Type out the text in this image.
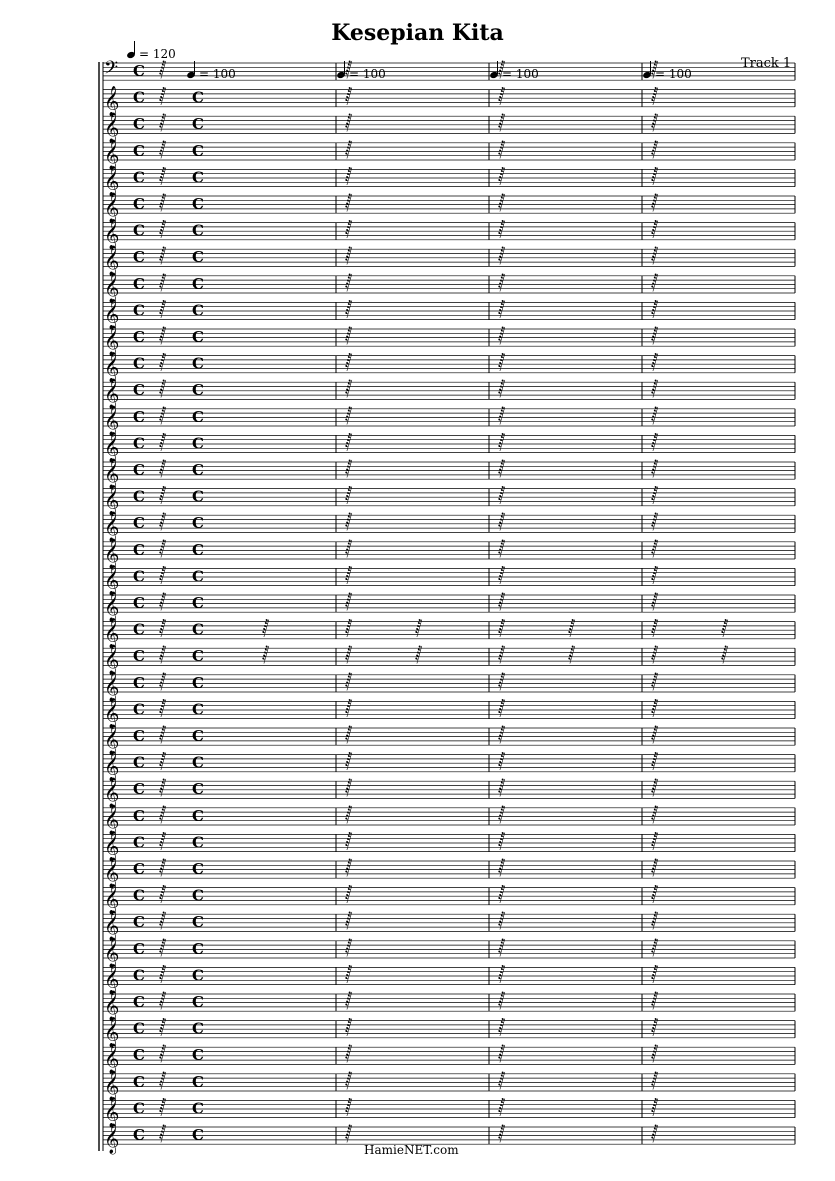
Kesepian Kita
Track 1
= 120
= 100	= 100	= 100	= 100
𝄢 C 𝅂	𝅂	𝅂	𝅂
𝄞 C	C
𝅂	𝅂	𝅂	𝅂
𝄞 C	C
𝅂	𝅂	𝅂	𝅂
𝄞 C	C
𝅂	𝅂	𝅂	𝅂
𝄞 C	C
𝅂	𝅂	𝅂	𝅂
𝄞 C	C
𝅂	𝅂	𝅂	𝅂
𝄞 C	C
𝅂	𝅂	𝅂	𝅂
𝄞 C	C
𝅂	𝅂	𝅂	𝅂
𝄞 C	C
𝅂	𝅂	𝅂	𝅂
𝄞 C	C
𝅂	𝅂	𝅂	𝅂
𝄞 C	C
𝅂	𝅂	𝅂	𝅂
𝄞 C	C
𝅂	𝅂	𝅂	𝅂
𝄞 C	C
𝅂	𝅂	𝅂	𝅂
𝄞 C	C
𝅂	𝅂	𝅂	𝅂
𝄞 C	C
𝅂	𝅂	𝅂	𝅂
𝄞 C	C
𝅂	𝅂	𝅂	𝅂
𝄞 C	C
𝅂	𝅂	𝅂	𝅂
𝄞 C	C
𝅂	𝅂	𝅂	𝅂
𝄞 C	C
𝅂	𝅂	𝅂	𝅂
𝄞 C	C
𝅂	𝅂	𝅂	𝅂
𝄞 C	C
𝅂	𝅂	𝅂	𝅂
𝄞 C	C
𝅂	𝅂	𝅂	𝅂	𝅂	𝅂	𝅂	𝅂
𝄞 C	C
𝅂	𝅂	𝅂	𝅂	𝅂	𝅂	𝅂	𝅂
𝄞 C	C
𝅂	𝅂	𝅂	𝅂
𝄞 C	C
𝅂	𝅂	𝅂	𝅂
𝄞 C	C
𝅂	𝅂	𝅂	𝅂
𝄞 C	C
𝅂	𝅂	𝅂	𝅂
𝄞 C	C
𝅂	𝅂	𝅂	𝅂
𝄞 C	C
𝅂	𝅂	𝅂	𝅂
𝄞 C	C
𝅂	𝅂	𝅂	𝅂
𝄞 C	C
𝅂	𝅂	𝅂	𝅂
𝄞 C	C
𝅂	𝅂	𝅂	𝅂
𝄞 C	C
𝅂	𝅂	𝅂	𝅂
𝄞 C	C
𝅂	𝅂	𝅂	𝅂
𝄞 C	C
𝅂	𝅂	𝅂	𝅂
𝄞 C	C
𝅂	𝅂	𝅂	𝅂
𝄞 C	C
𝅂	𝅂	𝅂	𝅂
𝄞 C	C
𝅂	𝅂	𝅂	𝅂
𝄞 C	C
𝅂	𝅂	𝅂	𝅂
𝄞 C	C
𝅂	𝅂	𝅂	𝅂
𝄞 C	C
𝅂	𝅂	𝅂	𝅂
HamieNET.com
